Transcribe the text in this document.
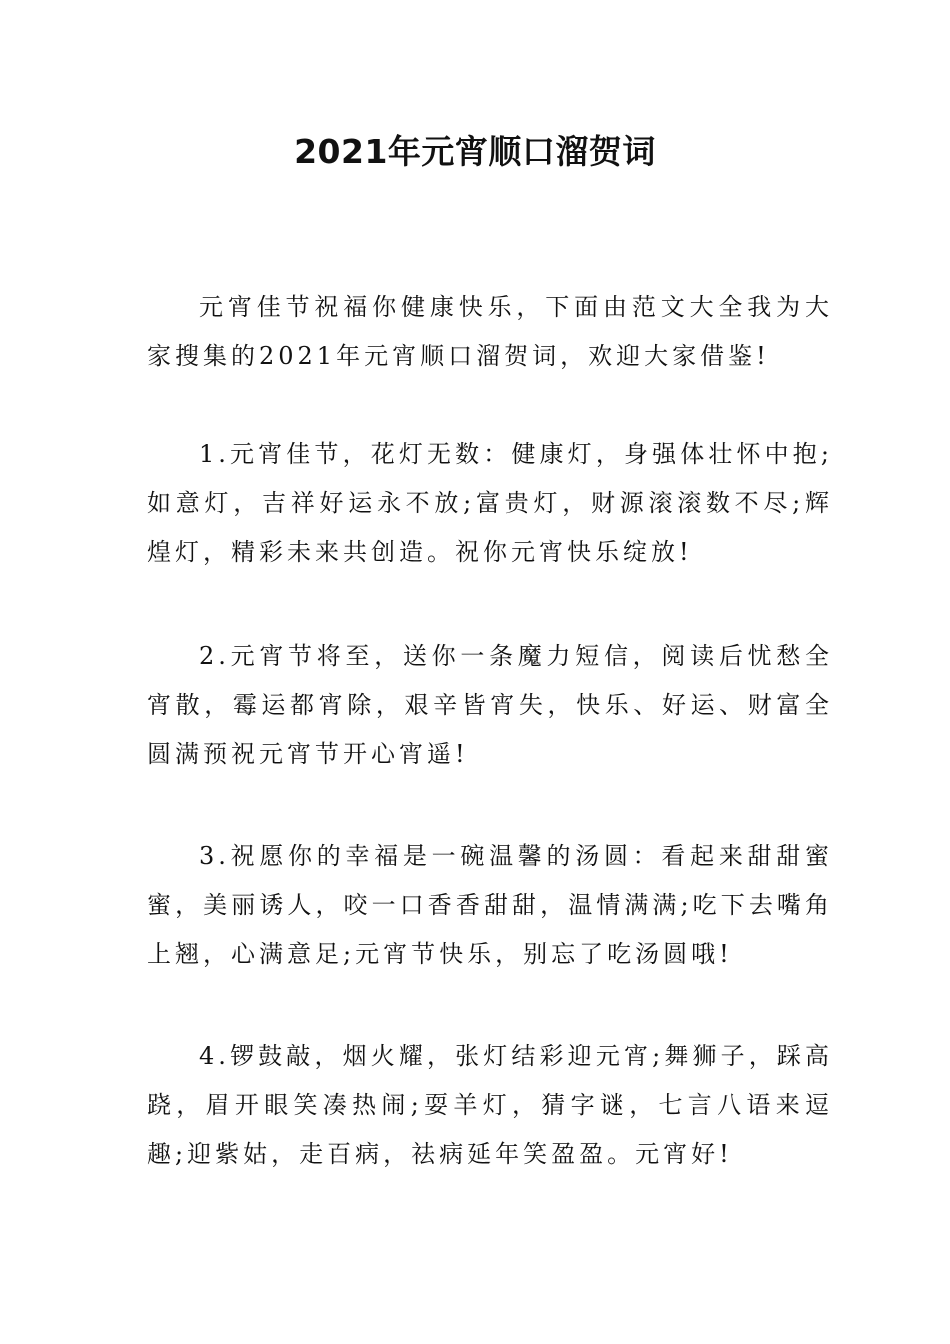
2021年元宵顺口溜贺词

元宵佳节祝福你健康快乐，下面由范文大全我为大家搜集的2021年元宵顺口溜贺词，欢迎大家借鉴!

1.元宵佳节，花灯无数：健康灯，身强体壮怀中抱;如意灯，吉祥好运永不放;富贵灯，财源滚滚数不尽;辉煌灯，精彩未来共创造。祝你元宵快乐绽放!

2.元宵节将至，送你一条魔力短信，阅读后忧愁全宵散，霉运都宵除，艰辛皆宵失，快乐、好运、财富全圆满预祝元宵节开心宵遥!

3.祝愿你的幸福是一碗温馨的汤圆：看起来甜甜蜜蜜，美丽诱人，咬一口香香甜甜，温情满满;吃下去嘴角上翘，心满意足;元宵节快乐，别忘了吃汤圆哦!

4.锣鼓敲，烟火耀，张灯结彩迎元宵;舞狮子，踩高跷，眉开眼笑凑热闹;耍羊灯，猜字谜，七言八语来逗趣;迎紫姑，走百病，祛病延年笑盈盈。元宵好!
